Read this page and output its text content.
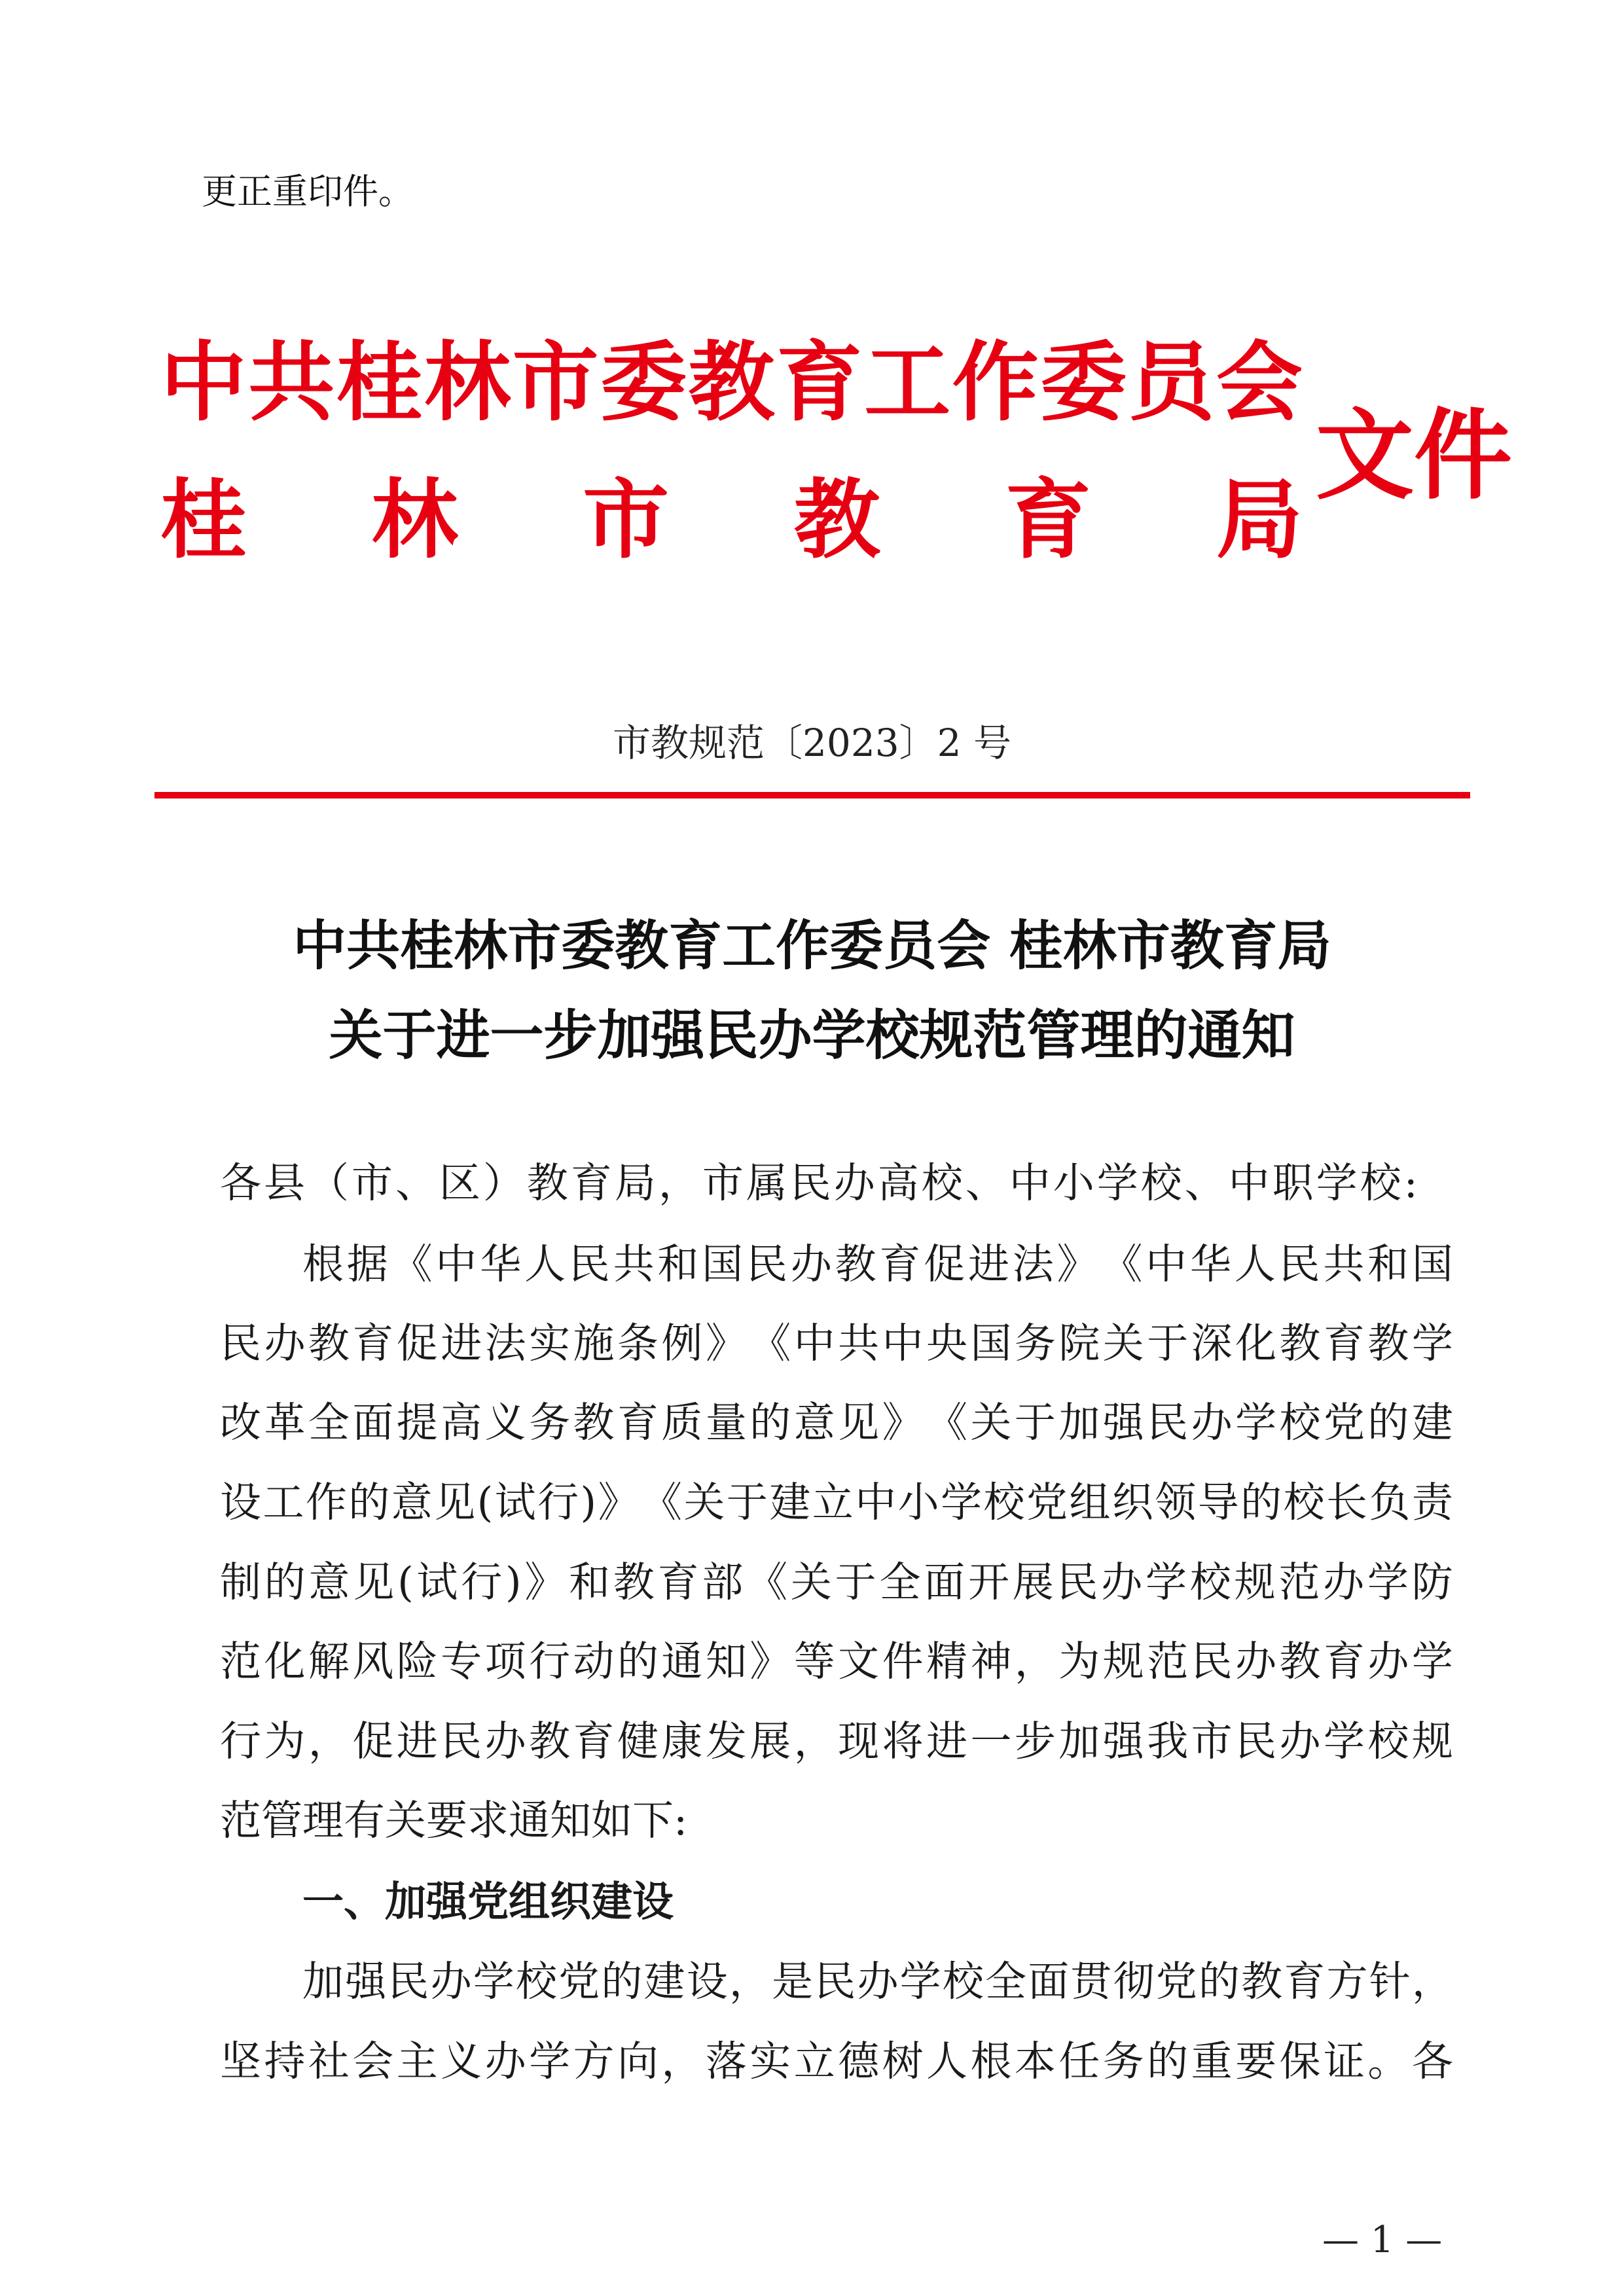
更正重印件。
中 共 桂 林 市 委 教 育 工 作 委 员 会
桂 林 市 教 育 局
文件
市教规范〔2023〕2 号
中共桂林市委教育工作委员会 桂林市教育局
关于进一步加强民办学校规范管理的通知
各 县 （ 市 、 区 ） 教 育 局 ， 市 属 民 办 高 校 、 中 小 学 校 、 中 职 学 校 :
根 据 《 中 华 人 民 共 和 国 民 办 教 育 促 进 法 》 《 中 华 人 民 共 和 国
民 办 教 育 促 进 法 实 施 条 例 》 《 中 共 中 央 国 务 院 关 于 深 化 教 育 教 学
改 革 全 面 提 高 义 务 教 育 质 量 的 意 见 》 《 关 于 加 强 民 办 学 校 党 的 建
设 工 作 的 意 见 ( 试 行 ) 》 《 关 于 建 立 中 小 学 校 党 组 织 领 导 的 校 长 负 责
制 的 意 见 ( 试 行 ) 》 和 教 育 部 《 关 于 全 面 开 展 民 办 学 校 规 范 办 学 防
范 化 解 风 险 专 项 行 动 的 通 知 》 等 文 件 精 神 ， 为 规 范 民 办 教 育 办 学
行 为 ， 促 进 民 办 教 育 健 康 发 展 ， 现 将 进 一 步 加 强 我 市 民 办 学 校 规
范管理有关要求通知如下:
一、加强党组织建设
加 强 民 办 学 校 党 的 建 设 ， 是 民 办 学 校 全 面 贯 彻 党 的 教 育 方 针 ，
坚 持 社 会 主 义 办 学 方 向 ， 落 实 立 德 树 人 根 本 任 务 的 重 要 保 证 。 各
— 1 —
